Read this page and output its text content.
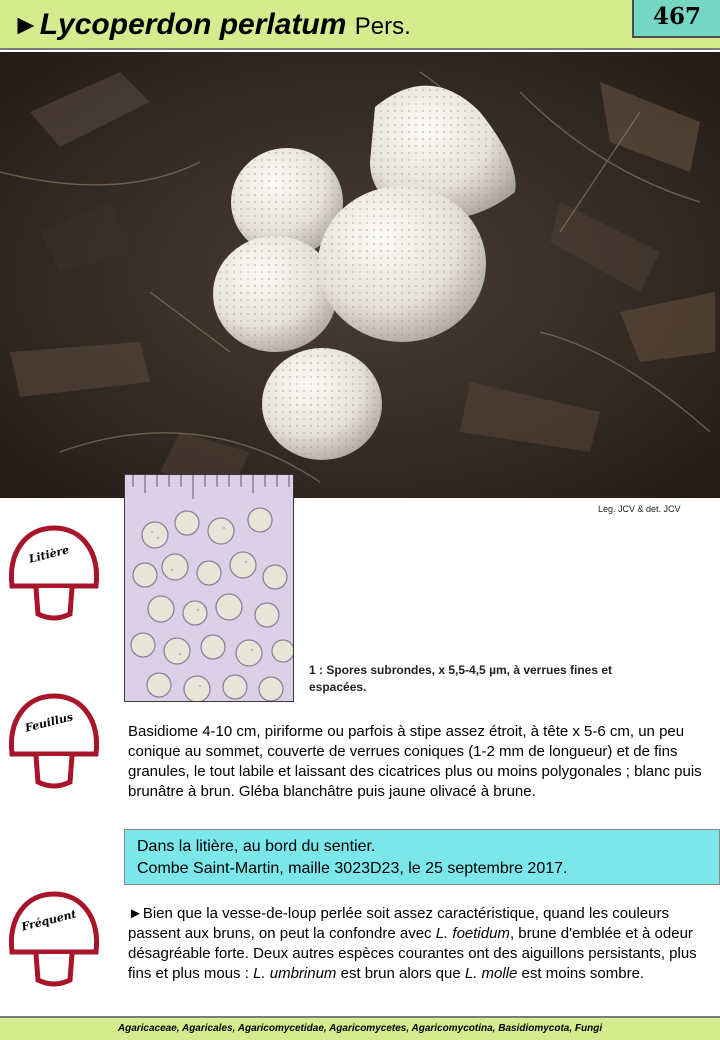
►Lycoperdon perlatum Pers.	467
Leg. JCV & det. JCV
1 : Spores subrondes, x 5,5-4,5 µm, à verrues fines et espacées.
Litière
Feuillus
Fréquent
Basidiome 4-10 cm, piriforme ou parfois à stipe assez étroit, à tête x 5-6 cm, un peu conique au sommet, couverte de verrues coniques (1-2 mm de longueur) et de fins granules, le tout labile et laissant des cicatrices plus ou moins polygonales ; blanc puis brunâtre à brun. Gléba blanchâtre puis jaune olivacé à brune.
Dans la litière, au bord du sentier.
Combe Saint-Martin, maille 3023D23, le 25 septembre 2017.
►Bien que la vesse-de-loup perlée soit assez caractéristique, quand les couleurs passent aux bruns, on peut la confondre avec L. foetidum, brune d'emblée et à odeur désagréable forte. Deux autres espèces courantes ont des aiguillons persistants, plus fins et plus mous : L. umbrinum est brun alors que L. molle est moins sombre.
Agaricaceae, Agaricales, Agaricomycetidae, Agaricomycetes, Agaricomycotina, Basidiomycota, Fungi
